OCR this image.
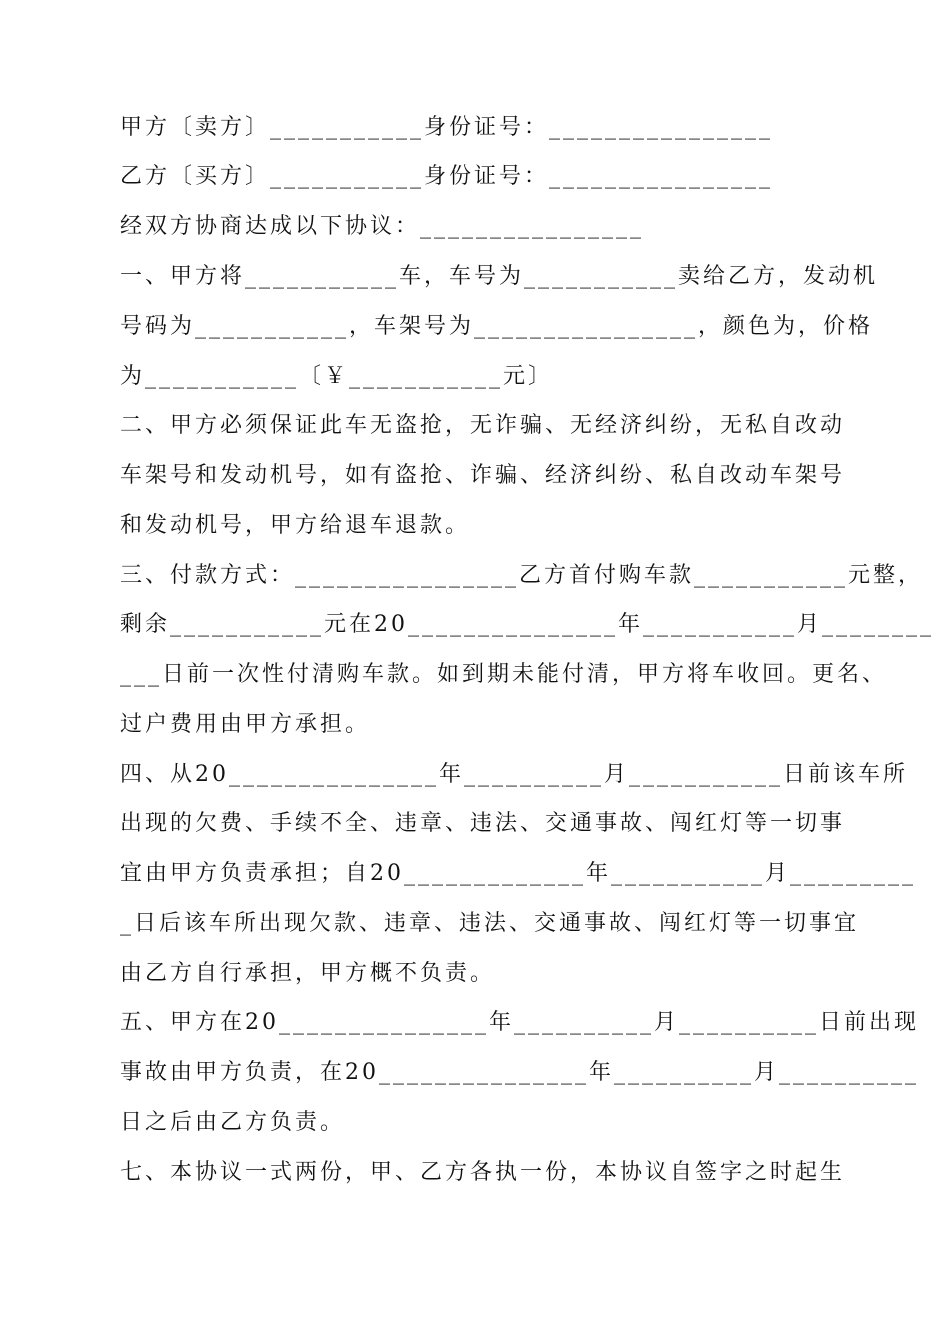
甲方〔卖方〕___________身份证号：________________
乙方〔买方〕___________身份证号：________________
经双方协商达成以下协议：________________
一、甲方将___________车，车号为___________卖给乙方，发动机
号码为___________，车架号为________________，颜色为，价格
为___________〔￥___________元〕
二、甲方必须保证此车无盗抢，无诈骗、无经济纠纷，无私自改动
车架号和发动机号，如有盗抢、诈骗、经济纠纷、私自改动车架号
和发动机号，甲方给退车退款。
三、付款方式：________________乙方首付购车款___________元整，
剩余___________元在20_______________年___________月________
___日前一次性付清购车款。如到期未能付清，甲方将车收回。更名、
过户费用由甲方承担。
四、从20_______________年__________月___________日前该车所
出现的欠费、手续不全、违章、违法、交通事故、闯红灯等一切事
宜由甲方负责承担；自20_____________年___________月_________
_日后该车所出现欠款、违章、违法、交通事故、闯红灯等一切事宜
由乙方自行承担，甲方概不负责。
五、甲方在20_______________年__________月__________日前出现
事故由甲方负责，在20_______________年__________月__________
日之后由乙方负责。
七、本协议一式两份，甲、乙方各执一份，本协议自签字之时起生
